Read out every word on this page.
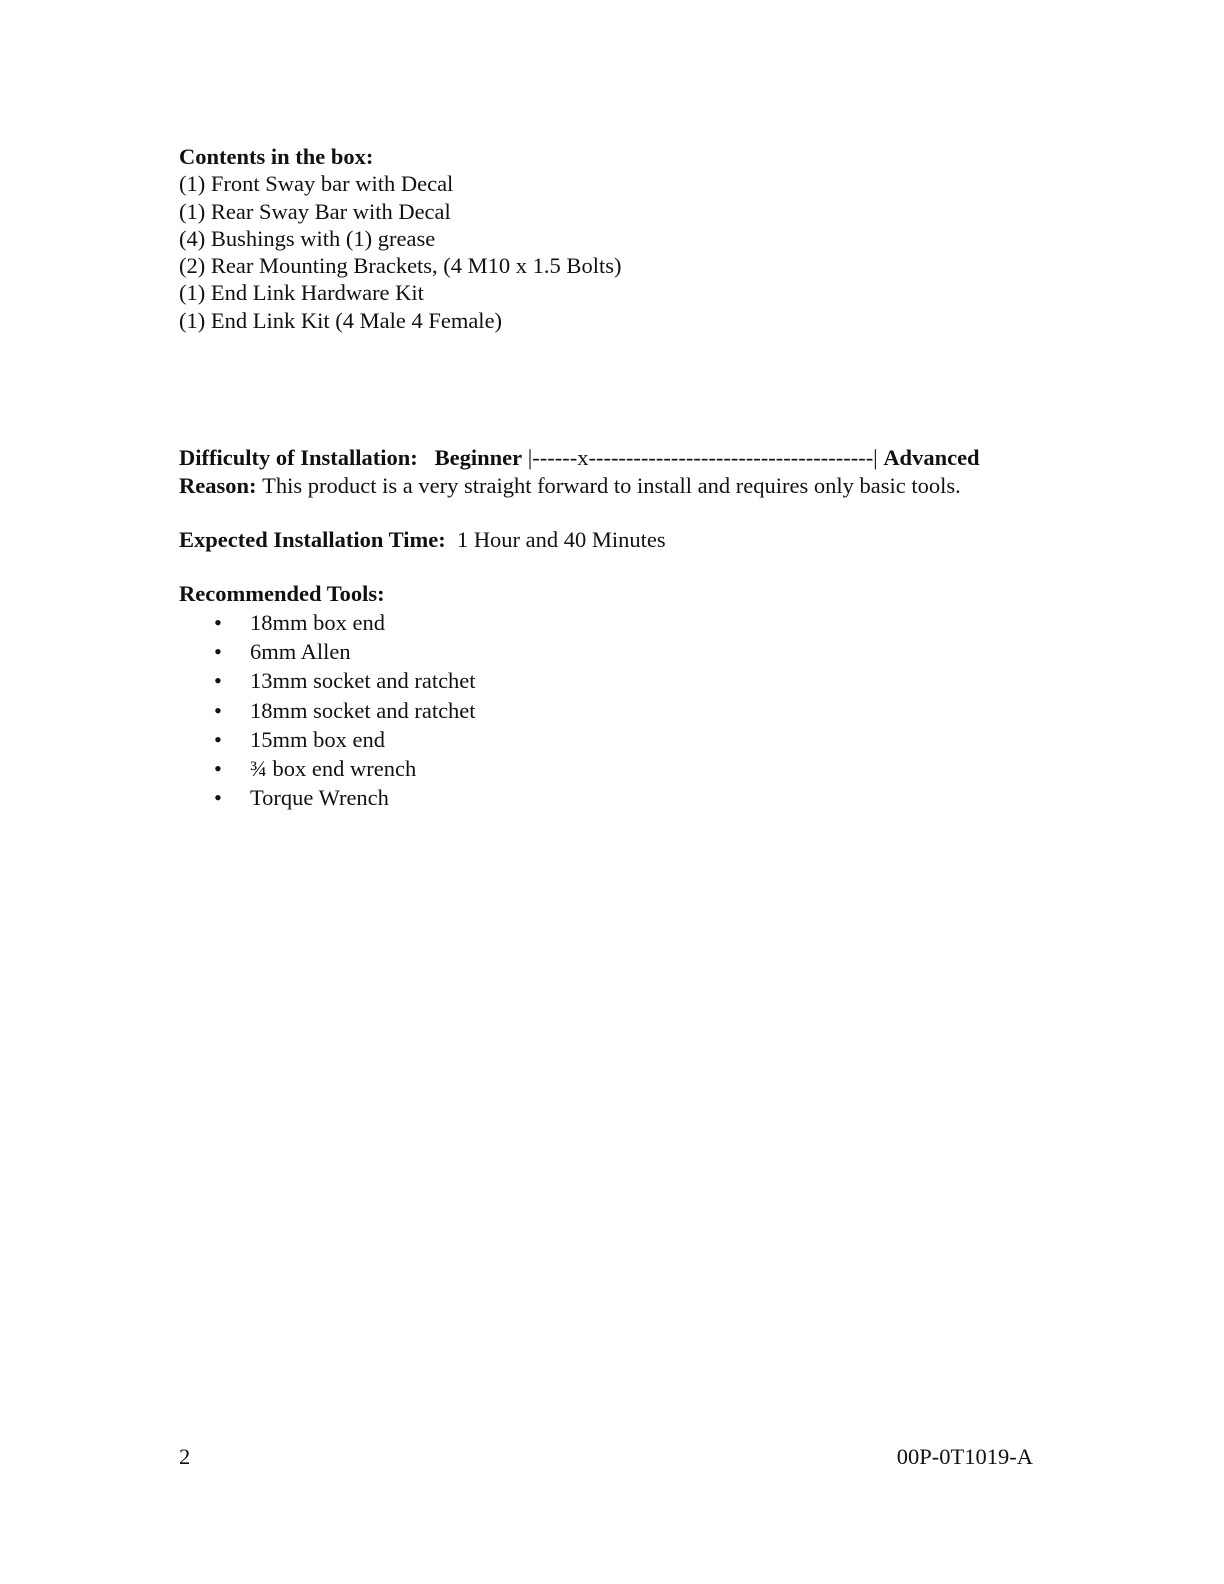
Contents in the box:
(1) Front Sway bar with Decal
(1) Rear Sway Bar with Decal
(4) Bushings with (1) grease
(2) Rear Mounting Brackets, (4 M10 x 1.5 Bolts)
(1) End Link Hardware Kit
(1) End Link Kit (4 Male 4 Female)
Difficulty of Installation: Beginner |------x--------------------------------------| Advanced
Reason: This product is a very straight forward to install and requires only basic tools.
Expected Installation Time: 1 Hour and 40 Minutes
Recommended Tools:
• 18mm box end
• 6mm Allen
• 13mm socket and ratchet
• 18mm socket and ratchet
• 15mm box end
• ¾ box end wrench
• Torque Wrench
2	00P-0T1019-A
